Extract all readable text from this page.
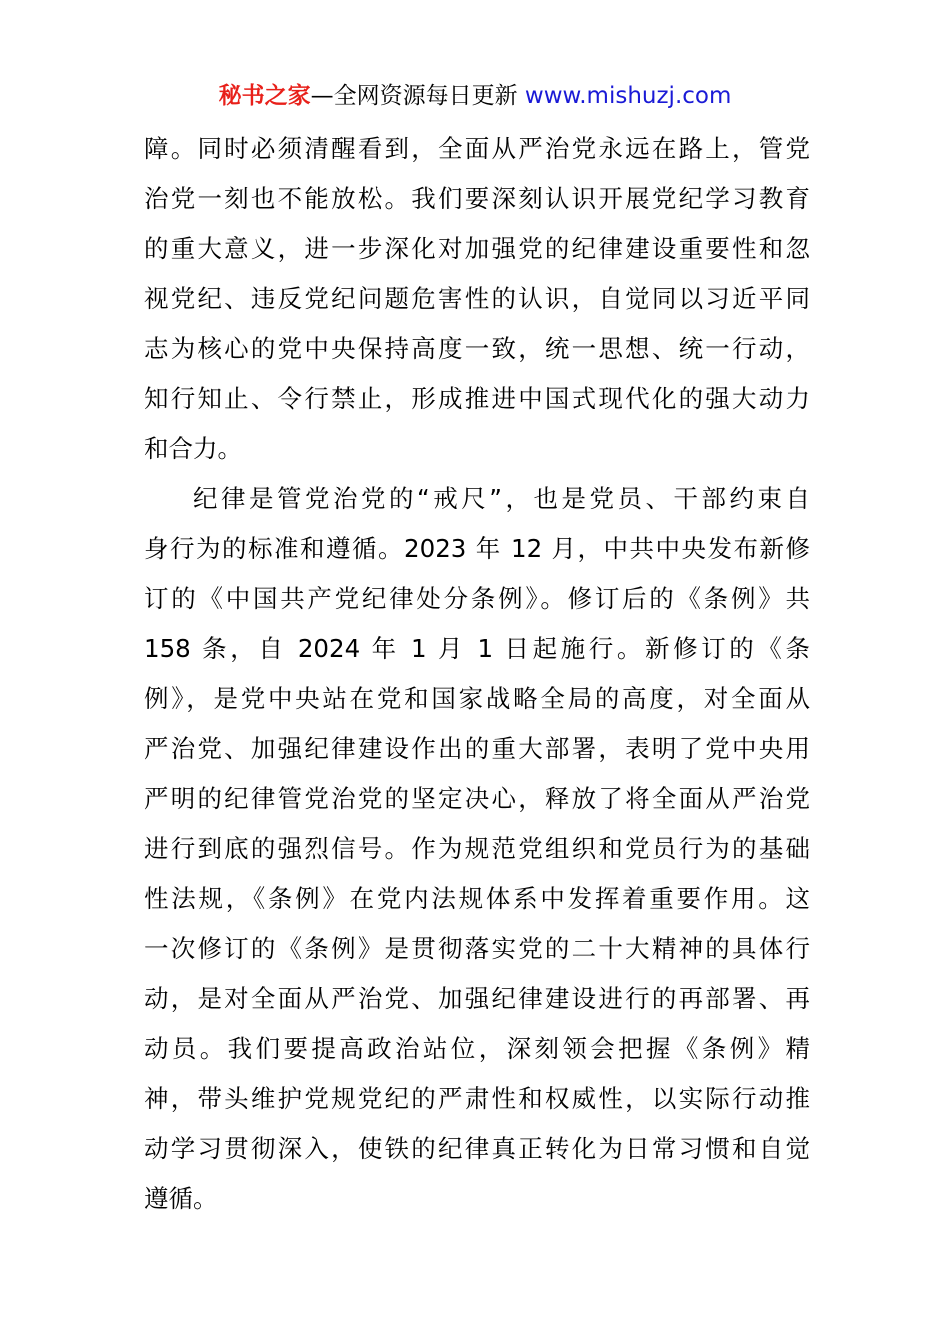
秘书之家—全网资源每日更新 www.mishuzj.com
障。同时必须清醒看到，全面从严治党永远在路上，管党
治党一刻也不能放松。我们要深刻认识开展党纪学习教育
的重大意义，进一步深化对加强党的纪律建设重要性和忽
视党纪、违反党纪问题危害性的认识，自觉同以习近平同
志为核心的党中央保持高度一致，统一思想、统一行动，
知行知止、令行禁止，形成推进中国式现代化的强大动力
和合力。
纪律是管党治党的“戒尺”，也是党员、干部约束自
身行为的标准和遵循。2023 年 12 月，中共中央发布新修
订的《中国共产党纪律处分条例》。修订后的《条例》共
158 条，自 2024 年 1 月 1 日起施行。新修订的《条
例》，是党中央站在党和国家战略全局的高度，对全面从
严治党、加强纪律建设作出的重大部署，表明了党中央用
严明的纪律管党治党的坚定决心，释放了将全面从严治党
进行到底的强烈信号。作为规范党组织和党员行为的基础
性法规，《条例》在党内法规体系中发挥着重要作用。这
一次修订的《条例》是贯彻落实党的二十大精神的具体行
动，是对全面从严治党、加强纪律建设进行的再部署、再
动员。我们要提高政治站位，深刻领会把握《条例》精
神，带头维护党规党纪的严肃性和权威性，以实际行动推
动学习贯彻深入，使铁的纪律真正转化为日常习惯和自觉
遵循。
